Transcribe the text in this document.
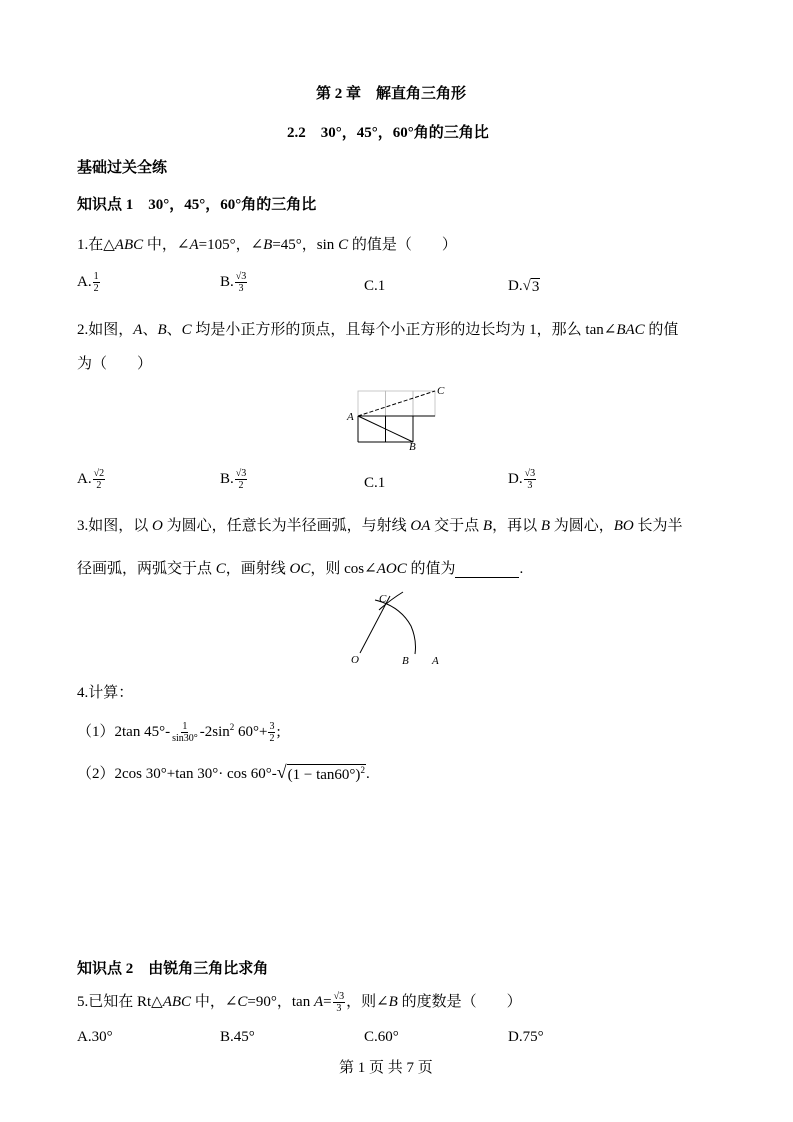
第 2 章　解直角三角形
2.2　30°，45°，60°角的三角比
基础过关全练
知识点 1　30°，45°，60°角的三角比
1.在△ABC 中，∠A=105°，∠B=45°，sin C 的值是（　　）
A. $\frac{1}{2}$	B. $\frac{√3}{3}$	C.1	D. √ 3
2.如图，A、B、C 均是小正方形的顶点，且每个小正方形的边长均为 1，那么 tan∠BAC 的值
为（　　）
A
B
C
A. $\frac{√2}{2}$	B. $\frac{√3}{2}$	C.1	D. $\frac{√3}{3}$
3.如图，以 O 为圆心，任意长为半径画弧，与射线 OA 交于点 B，再以 B 为圆心，BO 长为半
径画弧，两弧交于点 C，画射线 OC，则 cos∠AOC 的值为	.
C
O	B A
4.计算：
（1）2tan $45^\circ- \frac{1}{\sin 30^\circ} -2\sin^2$ $60^\circ+ \frac{3}{2}$ ;
（2）2cos 30°+tan 30°· cos 60°- √ $(1 - \tan 60^\circ)^2$ .
知识点 2　由锐角三角比求角
5.已知在 Rt△ABC 中，∠C=90°，$\tan A= \frac{√3}{3}$ ，则∠B 的度数是（　　）
A.30°	B.45°	C.60°	D.75°
第 1 页 共 7 页
